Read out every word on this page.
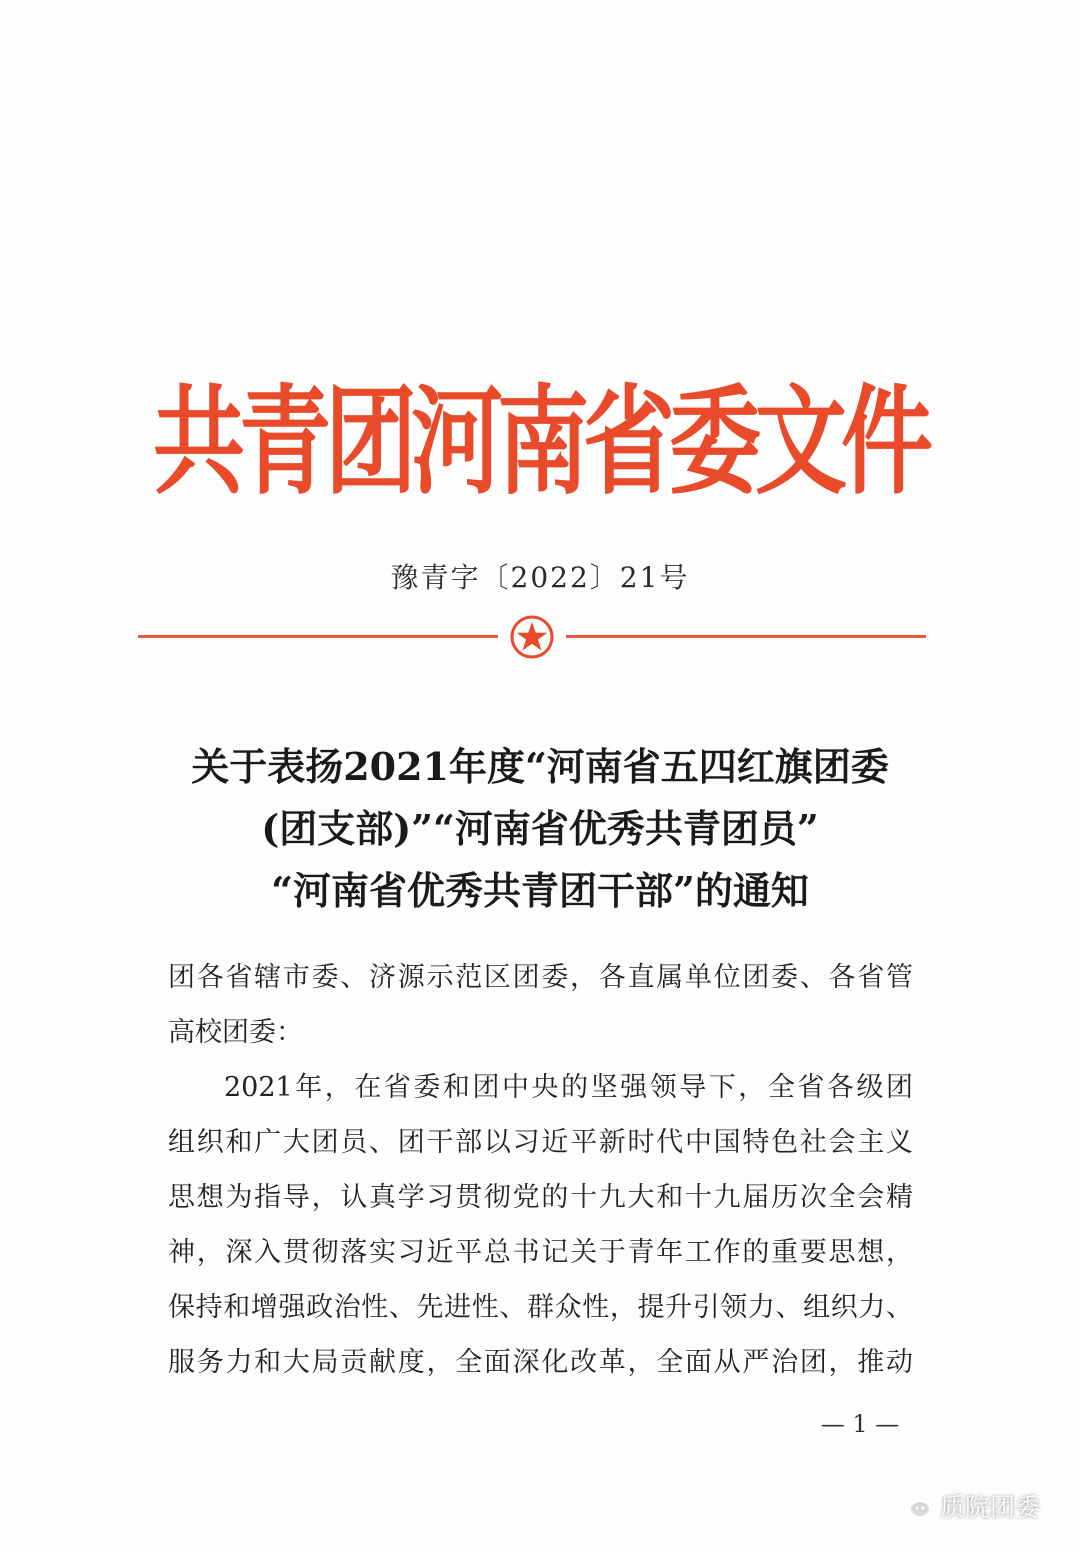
共青团河南省委文件
豫青字〔2022〕21号
关于表扬2021年度“河南省五四红旗团委
(团支部)”“河南省优秀共青团员”
“河南省优秀共青团干部”的通知
团各省辖市委、济源示范区团委，各直属单位团委、各省管
高校团委：
2021年，在省委和团中央的坚强领导下，全省各级团
组织和广大团员、团干部以习近平新时代中国特色社会主义
思想为指导，认真学习贯彻党的十九大和十九届历次全会精
神，深入贯彻落实习近平总书记关于青年工作的重要思想，
保持和增强政治性、先进性、群众性，提升引领力、组织力、
服务力和大局贡献度，全面深化改革，全面从严治团，推动
— 1 —
质院团委
